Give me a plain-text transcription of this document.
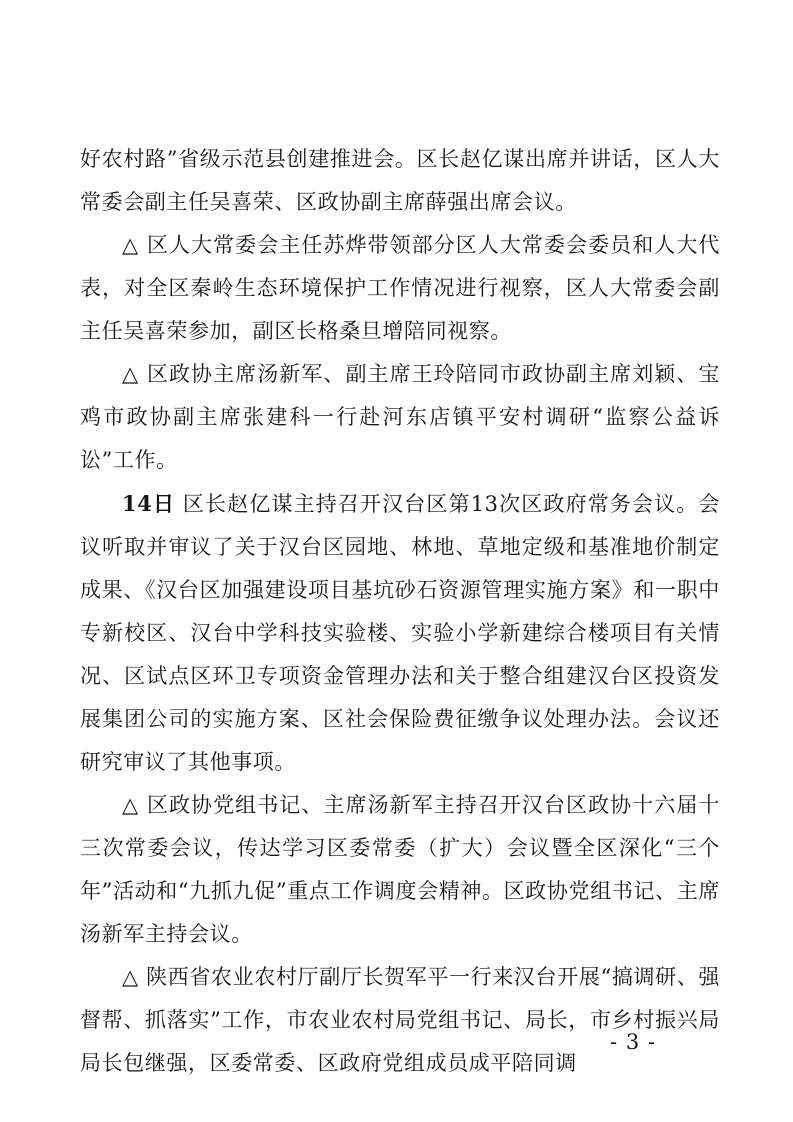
好农村路”省级示范县创建推进会。区长赵亿谋出席并讲话，区人大常委会副主任吴喜荣、区政协副主席薛强出席会议。

△ 区人大常委会主任苏烨带领部分区人大常委会委员和人大代表，对全区秦岭生态环境保护工作情况进行视察，区人大常委会副主任吴喜荣参加，副区长格桑旦增陪同视察。

△ 区政协主席汤新军、副主席王玲陪同市政协副主席刘颖、宝鸡市政协副主席张建科一行赴河东店镇平安村调研“监察公益诉讼”工作。

14日 区长赵亿谋主持召开汉台区第13次区政府常务会议。会议听取并审议了关于汉台区园地、林地、草地定级和基准地价制定成果、《汉台区加强建设项目基坑砂石资源管理实施方案》和一职中专新校区、汉台中学科技实验楼、实验小学新建综合楼项目有关情况、区试点区环卫专项资金管理办法和关于整合组建汉台区投资发展集团公司的实施方案、区社会保险费征缴争议处理办法。会议还研究审议了其他事项。

△ 区政协党组书记、主席汤新军主持召开汉台区政协十六届十三次常委会议，传达学习区委常委（扩大）会议暨全区深化“三个年”活动和“九抓九促”重点工作调度会精神。区政协党组书记、主席汤新军主持会议。

△ 陕西省农业农村厅副厅长贺军平一行来汉台开展“搞调研、强督帮、抓落实”工作，市农业农村局党组书记、局长，市乡村振兴局局长包继强，区委常委、区政府党组成员成平陪同调

- 3 -
